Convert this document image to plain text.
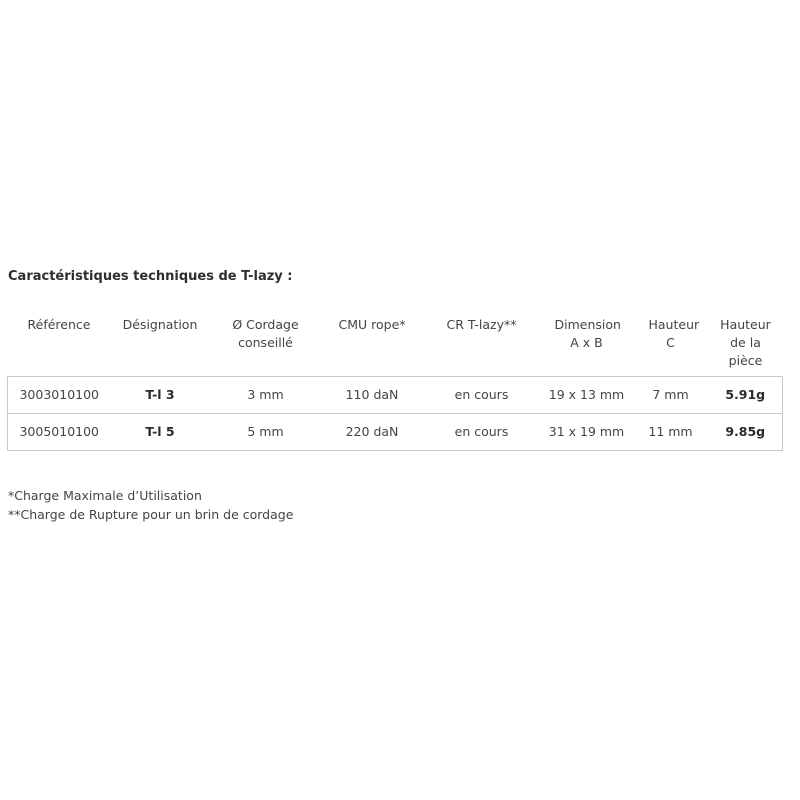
Caractéristiques techniques de T-lazy :
Référence	Désignation	Ø Cordage conseillé	CMU rope*	CR T-lazy**	Dimension A x B	Hauteur C	Hauteur de la pièce
3003010100	T-l 3	3 mm	110 daN	en cours	19 x 13 mm	7 mm	5.91g
3005010100	T-l 5	5 mm	220 daN	en cours	31 x 19 mm	11 mm	9.85g
*Charge Maximale d’Utilisation
**Charge de Rupture pour un brin de cordage
